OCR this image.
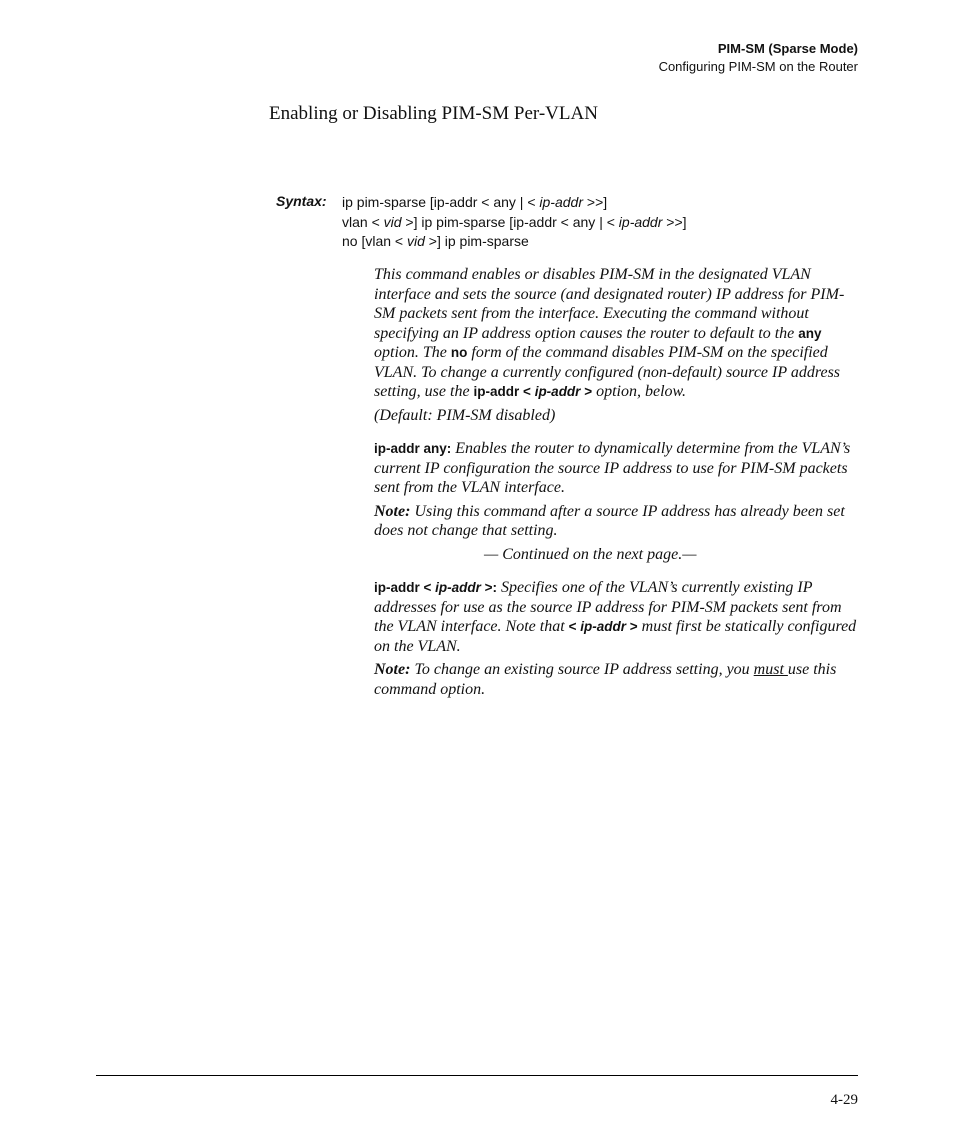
PIM-SM (Sparse Mode)
Configuring PIM-SM on the Router
Enabling or Disabling PIM-SM Per-VLAN
Syntax: ip pim-sparse [ip-addr < any | < ip-addr >>]
vlan < vid >] ip pim-sparse [ip-addr < any | < ip-addr >>]
no [vlan < vid >] ip pim-sparse

This command enables or disables PIM-SM in the designated VLAN interface and sets the source (and designated router) IP address for PIM-SM packets sent from the interface. Executing the command without specifying an IP address option causes the router to default to the any option. The no form of the command disables PIM-SM on the specified VLAN. To change a currently configured (non-default) source IP address setting, use the ip-addr < ip-addr > option, below.

(Default: PIM-SM disabled)

ip-addr any: Enables the router to dynamically determine from the VLAN’s current IP configuration the source IP address to use for PIM-SM packets sent from the VLAN interface.

Note: Using this command after a source IP address has already been set does not change that setting.

— Continued on the next page.—

ip-addr < ip-addr >: Specifies one of the VLAN’s currently existing IP addresses for use as the source IP address for PIM-SM packets sent from the VLAN interface. Note that < ip-addr > must first be statically configured on the VLAN.

Note: To change an existing source IP address setting, you must use this command option.

4-29
